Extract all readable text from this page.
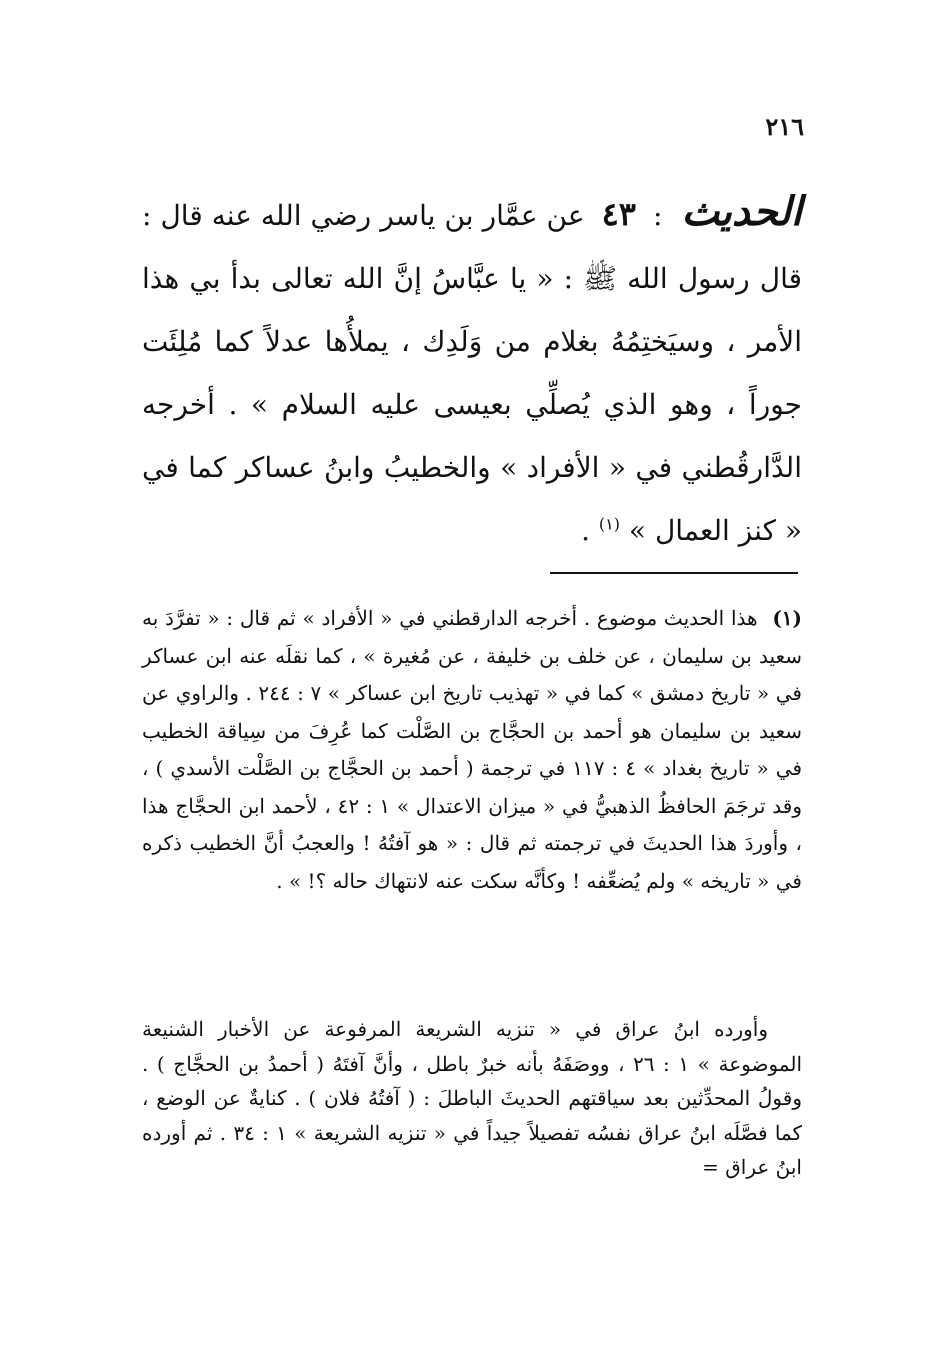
٢١٦
الحديث : ٤٣ عن عمَّار بن ياسر رضي الله عنه قال : قال رسول الله ﷺ : « يا عبَّاسُ إنَّ الله تعالى بدأ بي هذا الأمر ، وسيَختِمُهُ بغلام من وَلَدِك ، يملأُها عدلاً كما مُلِئَت جوراً ، وهو الذي يُصلِّي بعيسى عليه السلام » . أخرجه الدَّارقُطني في « الأفراد » والخطيبُ وابنُ عساكر كما في « كنز العمال » $^{(١)}$ .
(١) هذا الحديث موضوع . أخرجه الدارقطني في « الأفراد » ثم قال : « تفرَّدَ به سعيد بن سليمان ، عن خلف بن خليفة ، عن مُغيرة » ، كما نقلَه عنه ابن عساكر في « تاريخ دمشق » كما في « تهذيب تاريخ ابن عساكر » ٧ : ٢٤٤ . والراوي عن سعيد بن سليمان هو أحمد بن الحجَّاج بن الصَّلْت كما عُرِفَ من سِياقة الخطيب في « تاريخ بغداد » ٤ : ١١٧ في ترجمة ( أحمد بن الحجَّاج بن الصَّلْت الأسدي ) ، وقد ترجَمَ الحافظُ الذهبيُّ في « ميزان الاعتدال » ١ : ٤٢ ، لأحمد ابن الحجَّاج هذا ، وأوردَ هذا الحديثَ في ترجمته ثم قال : « هو آفتُهُ ! والعجبُ أنَّ الخطيب ذكره في « تاريخه » ولم يُضعِّفه ! وكأنَّه سكت عنه لانتهاك حاله ؟! » .
وأورده ابنُ عراق في « تنزيه الشريعة المرفوعة عن الأخبار الشنيعة الموضوعة » ١ : ٢٦ ، ووصَفَهُ بأنه خبرٌ باطل ، وأنَّ آفتَهُ ( أحمدُ بن الحجَّاج ) . وقولُ المحدِّثين بعد سياقتهم الحديثَ الباطلَ : ( آفتُهُ فلان ) . كنايةٌ عن الوضع ، كما فصَّلَه ابنُ عراق نفسُه تفصيلاً جيداً في « تنزيه الشريعة » ١ : ٣٤ . ثم أورده ابنُ عراق =
